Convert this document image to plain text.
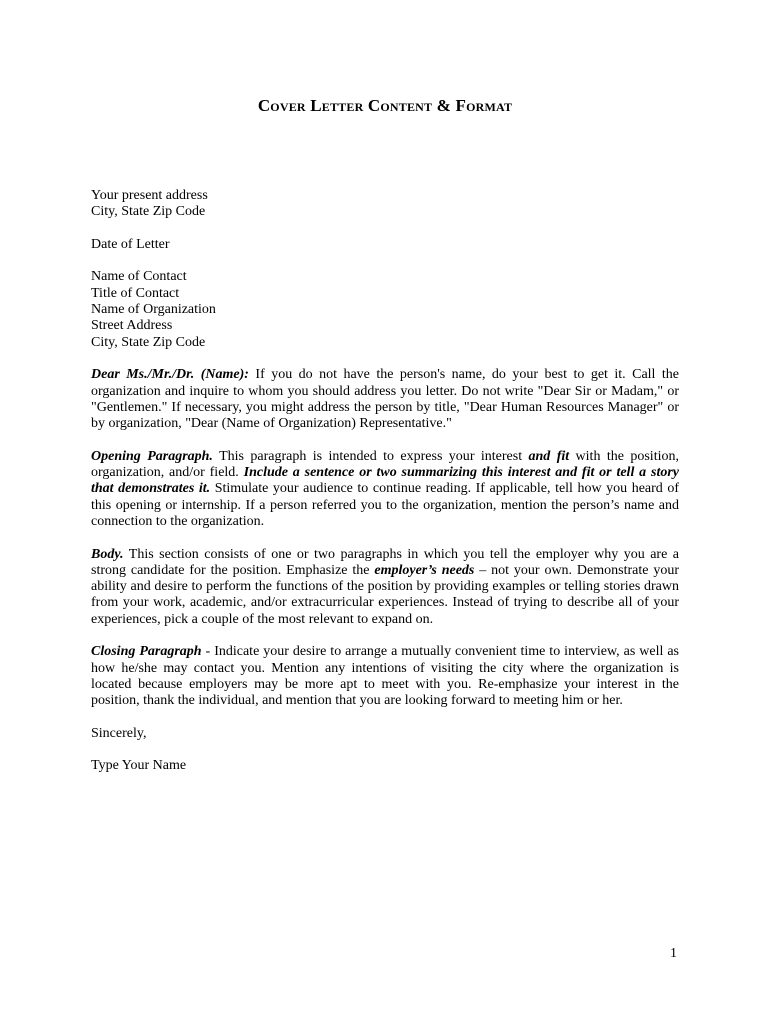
Cover Letter Content & Format
Your present address
City, State Zip Code
Date of Letter
Name of Contact
Title of Contact
Name of Organization
Street Address
City, State Zip Code

Dear Ms./Mr./Dr. (Name): If you do not have the person's name, do your best to get it. Call the organization and inquire to whom you should address you letter. Do not write "Dear Sir or Madam," or "Gentlemen." If necessary, you might address the person by title, "Dear Human Resources Manager" or by organization, "Dear (Name of Organization) Representative."

Opening Paragraph. This paragraph is intended to express your interest and fit with the position, organization, and/or field. Include a sentence or two summarizing this interest and fit or tell a story that demonstrates it. Stimulate your audience to continue reading. If applicable, tell how you heard of this opening or internship. If a person referred you to the organization, mention the person’s name and connection to the organization.

Body. This section consists of one or two paragraphs in which you tell the employer why you are a strong candidate for the position. Emphasize the employer’s needs – not your own. Demonstrate your ability and desire to perform the functions of the position by providing examples or telling stories drawn from your work, academic, and/or extracurricular experiences. Instead of trying to describe all of your experiences, pick a couple of the most relevant to expand on.

Closing Paragraph - Indicate your desire to arrange a mutually convenient time to interview, as well as how he/she may contact you. Mention any intentions of visiting the city where the organization is located because employers may be more apt to meet with you. Re-emphasize your interest in the position, thank the individual, and mention that you are looking forward to meeting him or her.

Sincerely,
Type Your Name
1
